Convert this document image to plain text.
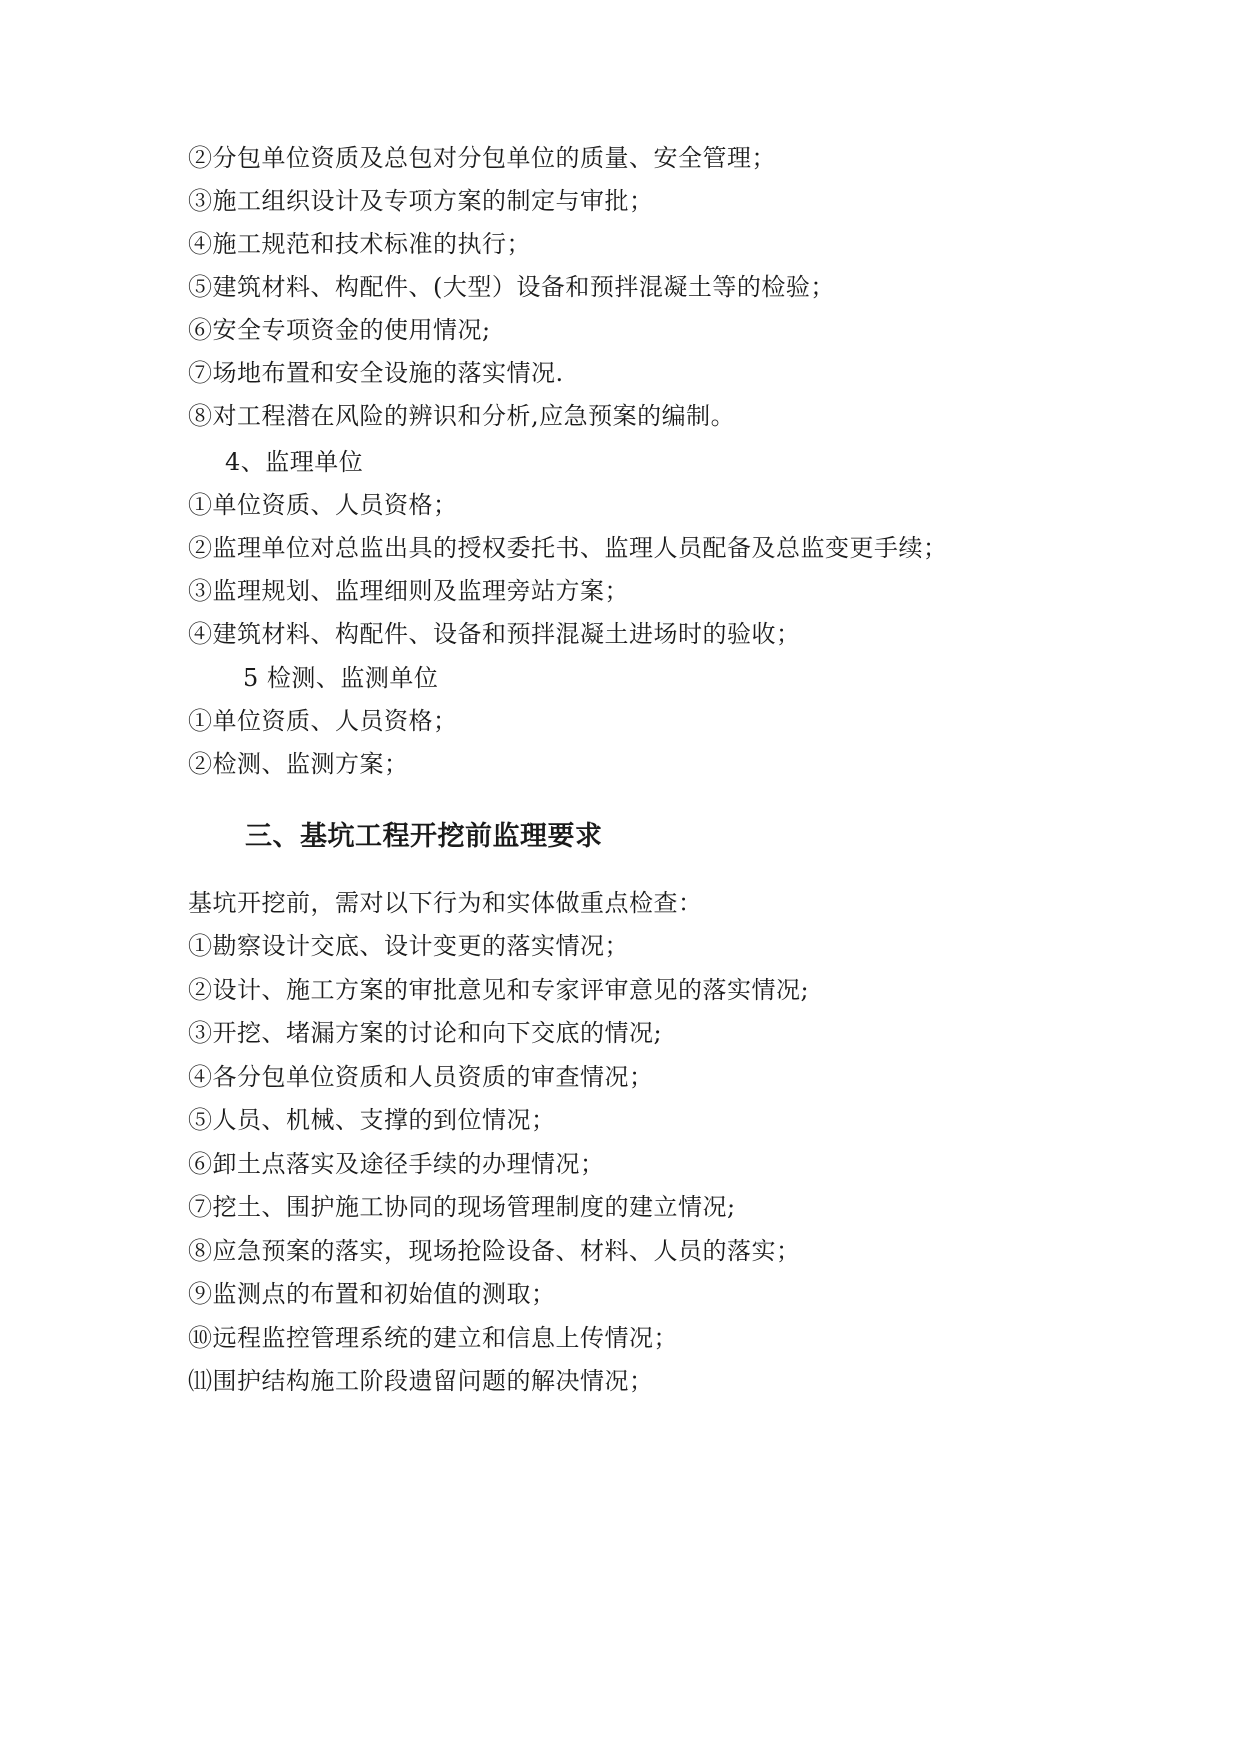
②分包单位资质及总包对分包单位的质量、安全管理；
③施工组织设计及专项方案的制定与审批；
④施工规范和技术标准的执行；
⑤建筑材料、构配件、(大型）设备和预拌混凝土等的检验；
⑥安全专项资金的使用情况;
⑦场地布置和安全设施的落实情况.
⑧对工程潜在风险的辨识和分析,应急预案的编制。
4、监理单位
①单位资质、人员资格；
②监理单位对总监出具的授权委托书、监理人员配备及总监变更手续；
③监理规划、监理细则及监理旁站方案；
④建筑材料、构配件、设备和预拌混凝土进场时的验收；
5 检测、监测单位
①单位资质、人员资格；
②检测、监测方案；
三、基坑工程开挖前监理要求
基坑开挖前，需对以下行为和实体做重点检查：
①勘察设计交底、设计变更的落实情况；
②设计、施工方案的审批意见和专家评审意见的落实情况;
③开挖、堵漏方案的讨论和向下交底的情况;
④各分包单位资质和人员资质的审查情况；
⑤人员、机械、支撑的到位情况；
⑥卸土点落实及途径手续的办理情况；
⑦挖土、围护施工协同的现场管理制度的建立情况;
⑧应急预案的落实，现场抢险设备、材料、人员的落实；
⑨监测点的布置和初始值的测取；
⑩远程监控管理系统的建立和信息上传情况；
⑾围护结构施工阶段遗留问题的解决情况；
